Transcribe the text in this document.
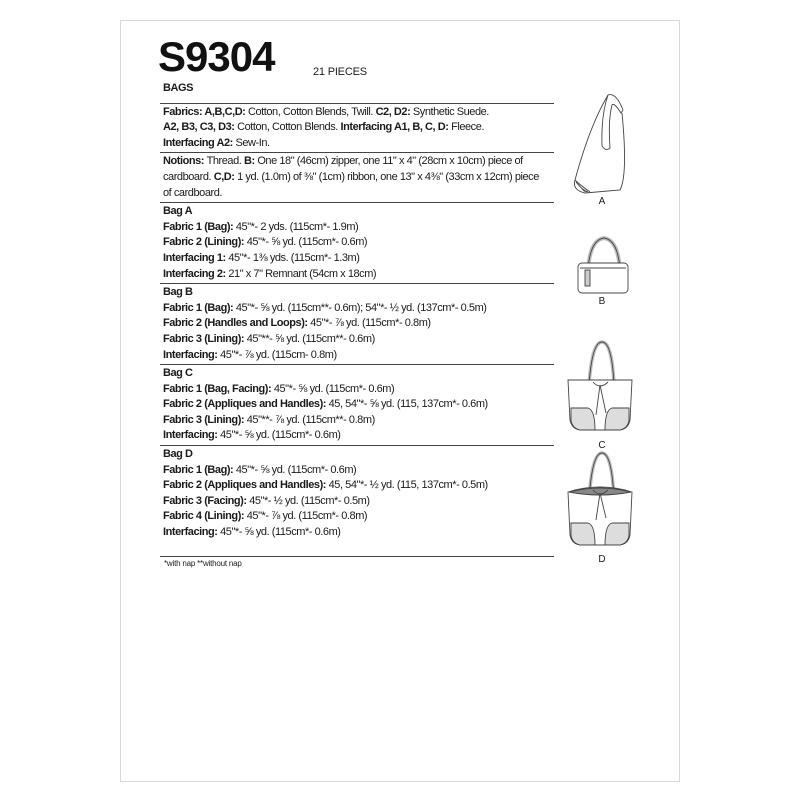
S9304	21 PIECES
BAGS
Fabrics: A,B,C,D: Cotton, Cotton Blends, Twill. C2, D2: Synthetic Suede.
A2, B3, C3, D3: Cotton, Cotton Blends. Interfacing A1, B, C, D: Fleece.
Interfacing A2: Sew-In.
Notions: Thread. B: One 18" (46cm) zipper, one 11" x 4" (28cm x 10cm) piece of
cardboard. C,D: 1 yd. (1.0m) of ⅜" (1cm) ribbon, one 13" x 4⅜" (33cm x 12cm) piece
of cardboard.
Bag A
Fabric 1 (Bag): 45"*- 2 yds. (115cm*- 1.9m)
Fabric 2 (Lining): 45"*- ⅝ yd. (115cm*- 0.6m)
Interfacing 1: 45"*- 1⅜ yds. (115cm*- 1.3m)
Interfacing 2: 21" x 7" Remnant (54cm x 18cm)
Bag B
Fabric 1 (Bag): 45"*- ⅝ yd. (115cm**- 0.6m); 54"*- ½ yd. (137cm*- 0.5m)
Fabric 2 (Handles and Loops): 45"*- ⅞ yd. (115cm*- 0.8m)
Fabric 3 (Lining): 45"**- ⅝ yd. (115cm**- 0.6m)
Interfacing: 45"*- ⅞ yd. (115cm- 0.8m)
Bag C
Fabric 1 (Bag, Facing): 45"*- ⅝ yd. (115cm*- 0.6m)
Fabric 2 (Appliques and Handles): 45, 54"*- ⅝ yd. (115, 137cm*- 0.6m)
Fabric 3 (Lining): 45"**- ⅞ yd. (115cm**- 0.8m)
Interfacing: 45"*- ⅝ yd. (115cm*- 0.6m)
Bag D
Fabric 1 (Bag): 45"*- ⅝ yd. (115cm*- 0.6m)
Fabric 2 (Appliques and Handles): 45, 54"*- ½ yd. (115, 137cm*- 0.5m)
Fabric 3 (Facing): 45"*- ½ yd. (115cm*- 0.5m)
Fabric 4 (Lining): 45"*- ⅞ yd. (115cm*- 0.8m)
Interfacing: 45"*- ⅝ yd. (115cm*- 0.6m)
*with nap **without nap
A
B
C
D
